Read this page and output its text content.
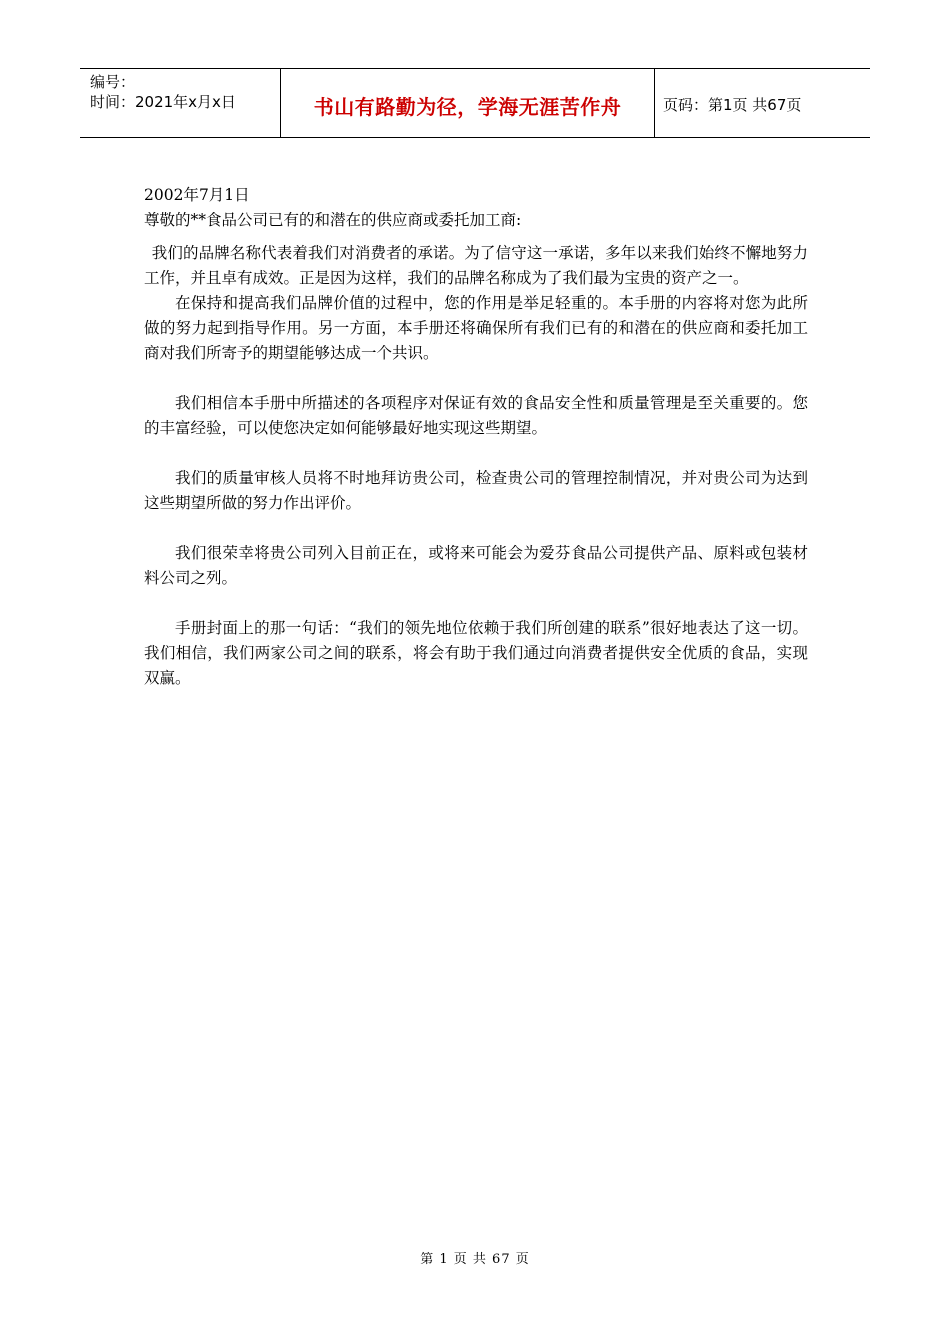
编号：
时间：2021年x月x日	书山有路勤为径，学海无涯苦作舟	页码：第1页 共67页

2002年7月1日

尊敬的**食品公司已有的和潜在的供应商或委托加工商:

我们的品牌名称代表着我们对消费者的承诺。为了信守这一承诺，多年以来我们始终不懈地努力工作，并且卓有成效。正是因为这样，我们的品牌名称成为了我们最为宝贵的资产之一。

在保持和提高我们品牌价值的过程中，您的作用是举足轻重的。本手册的内容将对您为此所做的努力起到指导作用。另一方面，本手册还将确保所有我们已有的和潜在的供应商和委托加工商对我们所寄予的期望能够达成一个共识。

我们相信本手册中所描述的各项程序对保证有效的食品安全性和质量管理是至关重要的。您的丰富经验，可以使您决定如何能够最好地实现这些期望。

我们的质量审核人员将不时地拜访贵公司，检查贵公司的管理控制情况，并对贵公司为达到这些期望所做的努力作出评价。

我们很荣幸将贵公司列入目前正在，或将来可能会为爱芬食品公司提供产品、原料或包装材料公司之列。

手册封面上的那一句话：“我们的领先地位依赖于我们所创建的联系”很好地表达了这一切。我们相信，我们两家公司之间的联系，将会有助于我们通过向消费者提供安全优质的食品，实现双赢。

第 1 页 共 67 页
